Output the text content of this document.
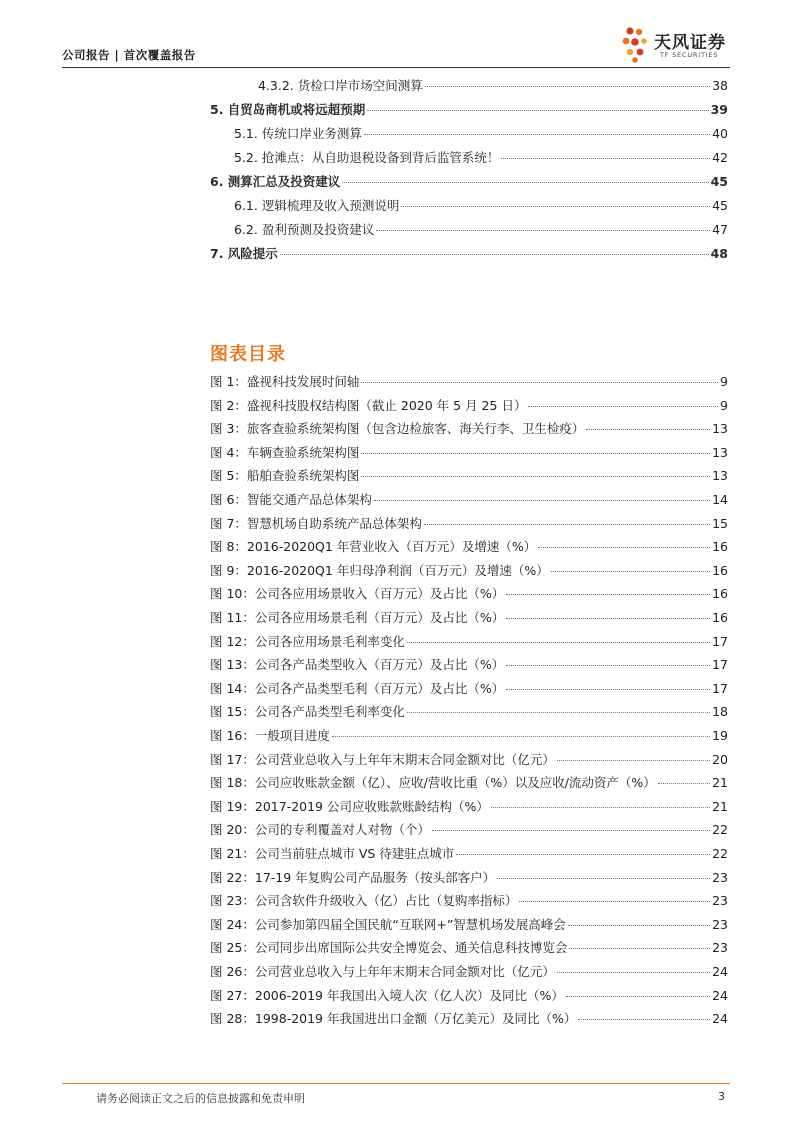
公司报告 | 首次覆盖报告
天风证券
TF SECURITIES
4.3.2. 货检口岸市场空间测算	38
5. 自贸岛商机或将远超预期	39
5.1. 传统口岸业务测算	40
5.2. 抢滩点：从自助退税设备到背后监管系统！	42
6. 测算汇总及投资建议	45
6.1. 逻辑梳理及收入预测说明	45
6.2. 盈利预测及投资建议	47
7. 风险提示	48
图表目录
图 1：盛视科技发展时间轴	9
图 2：盛视科技股权结构图（截止 2020 年 5 月 25 日）	9
图 3：旅客查验系统架构图（包含边检旅客、海关行李、卫生检疫）	13
图 4：车辆查验系统架构图	13
图 5：船舶查验系统架构图	13
图 6：智能交通产品总体架构	14
图 7：智慧机场自助系统产品总体架构	15
图 8：2016-2020Q1 年营业收入（百万元）及增速（%）	16
图 9：2016-2020Q1 年归母净利润（百万元）及增速（%）	16
图 10：公司各应用场景收入（百万元）及占比（%）	16
图 11：公司各应用场景毛利（百万元）及占比（%）	16
图 12：公司各应用场景毛利率变化	17
图 13：公司各产品类型收入（百万元）及占比（%）	17
图 14：公司各产品类型毛利（百万元）及占比（%）	17
图 15：公司各产品类型毛利率变化	18
图 16：一般项目进度	19
图 17：公司营业总收入与上年年末期末合同金额对比（亿元）	20
图 18：公司应收账款金额（亿）、应收/营收比重（%）以及应收/流动资产（%）	21
图 19：2017-2019 公司应收账款账龄结构（%）	21
图 20：公司的专利覆盖对人对物（个）	22
图 21：公司当前驻点城市 VS 待建驻点城市	22
图 22：17-19 年复购公司产品服务（按头部客户）	23
图 23：公司含软件升级收入（亿）占比（复购率指标）	23
图 24：公司参加第四届全国民航“互联网+”智慧机场发展高峰会	23
图 25：公司同步出席国际公共安全博览会、通关信息科技博览会	23
图 26：公司营业总收入与上年年末期末合同金额对比（亿元）	24
图 27：2006-2019 年我国出入境人次（亿人次）及同比（%）	24
图 28：1998-2019 年我国进出口金额（万亿美元）及同比（%）	24
请务必阅读正文之后的信息披露和免责申明	3
